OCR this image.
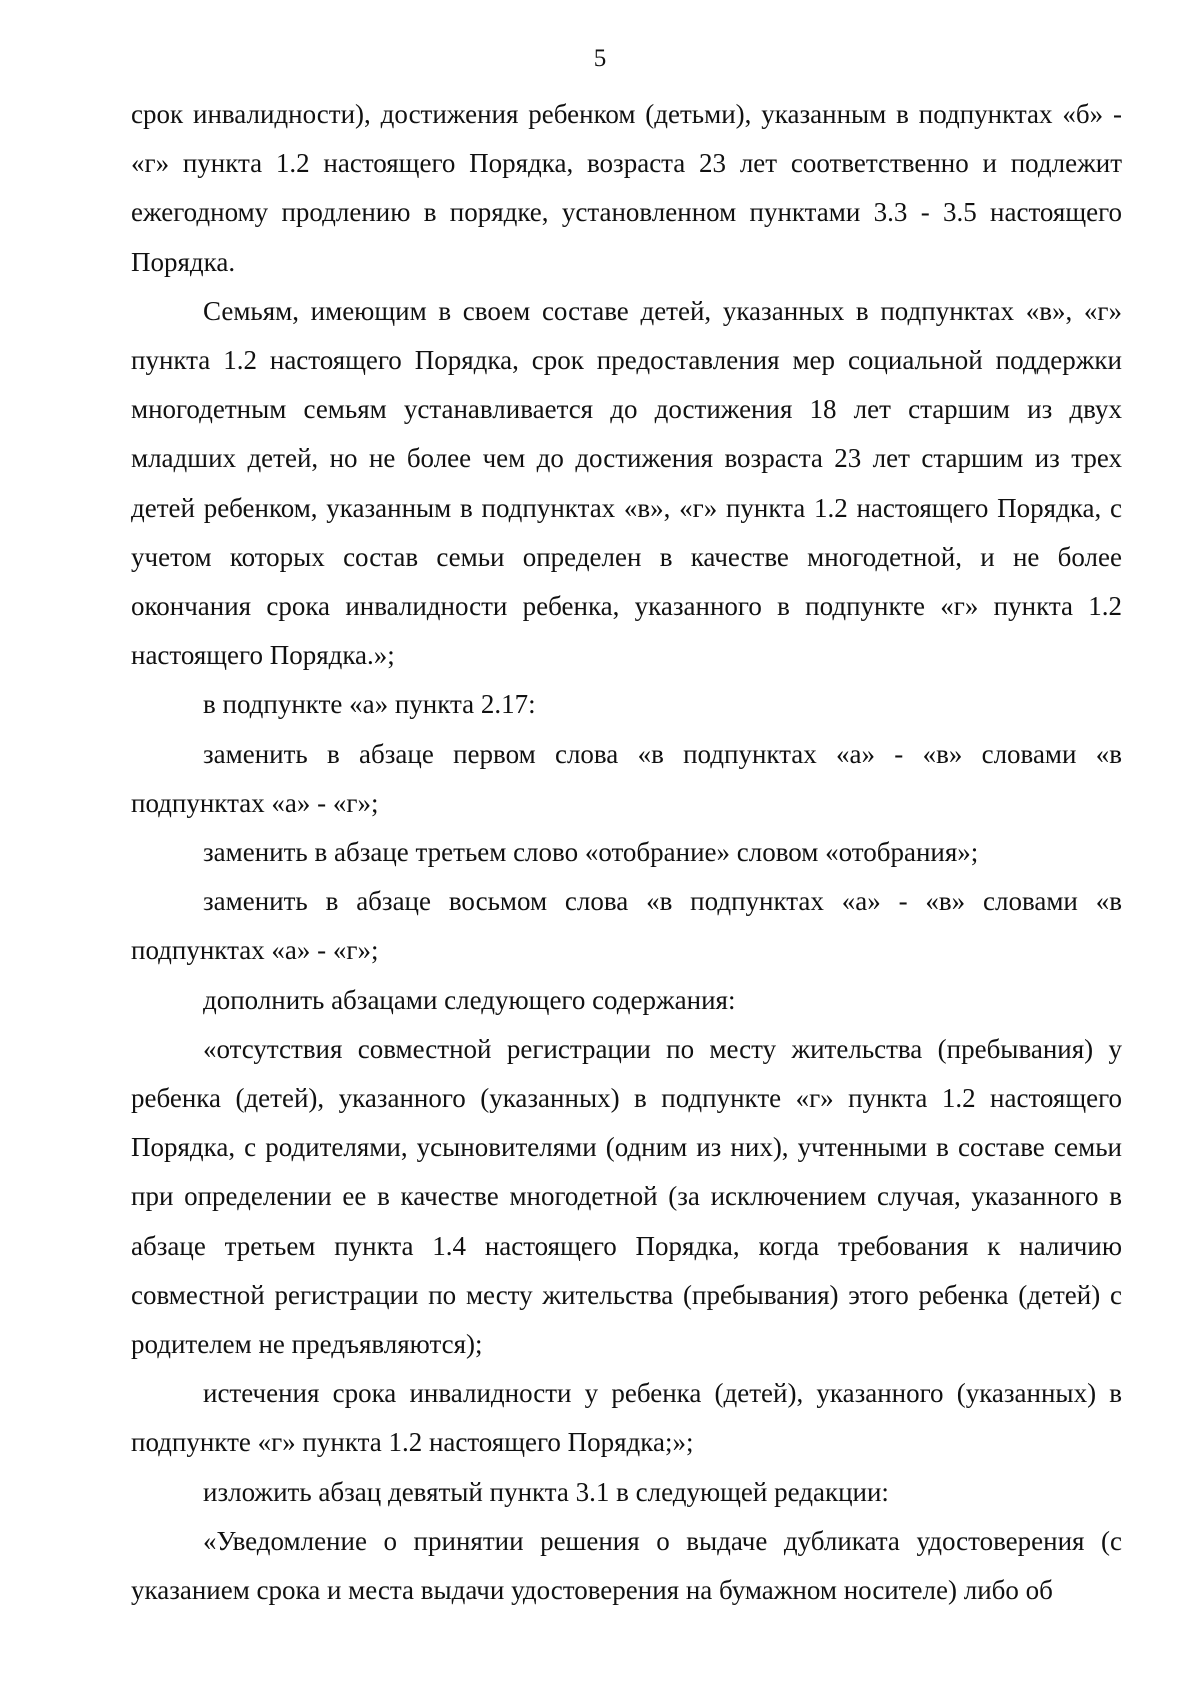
5

срок инвалидности), достижения ребенком (детьми), указанным в подпунктах «б» - «г» пункта 1.2 настоящего Порядка, возраста 23 лет соответственно и подлежит ежегодному продлению в порядке, установленном пунктами 3.3 - 3.5 настоящего Порядка.

Семьям, имеющим в своем составе детей, указанных в подпунктах «в», «г» пункта 1.2 настоящего Порядка, срок предоставления мер социальной поддержки многодетным семьям устанавливается до достижения 18 лет старшим из двух младших детей, но не более чем до достижения возраста 23 лет старшим из трех детей ребенком, указанным в подпунктах «в», «г» пункта 1.2 настоящего Порядка, с учетом которых состав семьи определен в качестве многодетной, и не более окончания срока инвалидности ребенка, указанного в подпункте «г» пункта 1.2 настоящего Порядка.»;

в подпункте «а» пункта 2.17:

заменить в абзаце первом слова «в подпунктах «а» - «в» словами «в подпунктах «а» - «г»;

заменить в абзаце третьем слово «отобрание» словом «отобрания»;

заменить в абзаце восьмом слова «в подпунктах «а» - «в» словами «в подпунктах «а» - «г»;

дополнить абзацами следующего содержания:

«отсутствия совместной регистрации по месту жительства (пребывания) у ребенка (детей), указанного (указанных) в подпункте «г» пункта 1.2 настоящего Порядка, с родителями, усыновителями (одним из них), учтенными в составе семьи при определении ее в качестве многодетной (за исключением случая, указанного в абзаце третьем пункта 1.4 настоящего Порядка, когда требования к наличию совместной регистрации по месту жительства (пребывания) этого ребенка (детей) с родителем не предъявляются);

истечения срока инвалидности у ребенка (детей), указанного (указанных) в подпункте «г» пункта 1.2 настоящего Порядка;»;

изложить абзац девятый пункта 3.1 в следующей редакции:

«Уведомление о принятии решения о выдаче дубликата удостоверения (с указанием срока и места выдачи удостоверения на бумажном носителе) либо об
